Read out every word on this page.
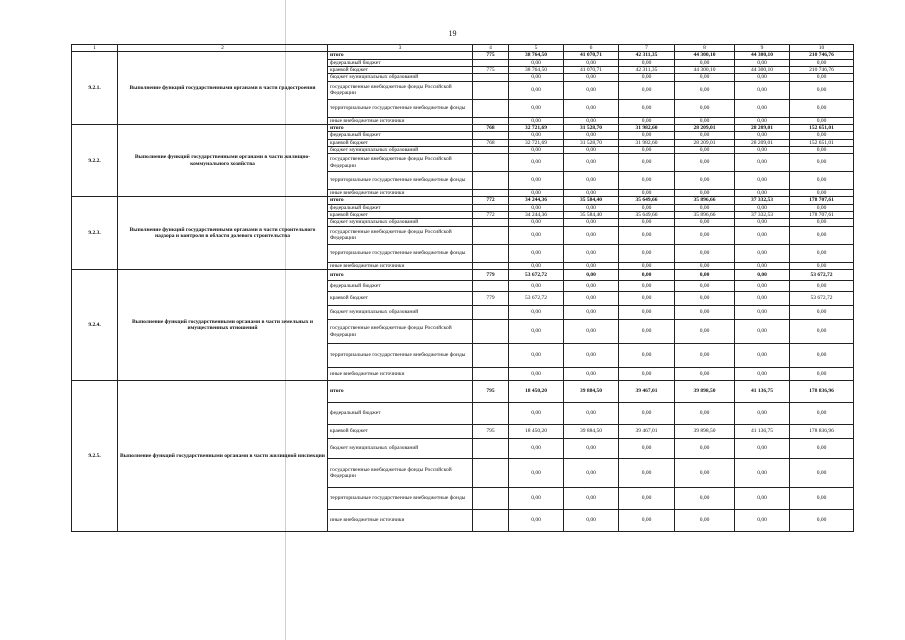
19
1	2	3	4	5	6	7	8	9	10
9.2.1.	Выполнение функций государственными органами в части градостроения	итого	775	38 764,50	41 070,71	42 311,35	44 300,10	44 300,10	210 746,76
		федеральный бюджет		0,00	0,00	0,00	0,00	0,00	0,00
		краевой бюджет	775	38 764,50	41 070,71	42 311,35	44 300,10	44 300,10	210 746,76
		бюджет муниципальных образований		0,00	0,00	0,00	0,00	0,00	0,00
		государственные внебюджетные фонды Российской Федерации		0,00	0,00	0,00	0,00	0,00	0,00
		территориальные государственные внебюджетные фонды		0,00	0,00	0,00	0,00	0,00	0,00
		иные внебюджетные источники		0,00	0,00	0,00	0,00	0,00	0,00
9.2.2.	Выполнение функций государственными органами в части жилищно-коммунального хозяйства	итого	768	32 721,69	31 528,70	31 982,60	28 209,01	28 209,01	152 651,01
		федеральный бюджет		0,00	0,00	0,00	0,00	0,00	0,00
		краевой бюджет	768	32 721,69	31 528,70	31 982,60	28 209,01	28 209,01	152 651,01
		бюджет муниципальных образований		0,00	0,00	0,00	0,00	0,00	0,00
		государственные внебюджетные фонды Российской Федерации		0,00	0,00	0,00	0,00	0,00	0,00
		территориальные государственные внебюджетные фонды		0,00	0,00	0,00	0,00	0,00	0,00
		иные внебюджетные источники		0,00	0,00	0,00	0,00	0,00	0,00
9.2.3.	Выполнение функций государственными органами в части строительного надзора и контроля в области долевого строительства	итого	772	34 244,36	35 584,40	35 649,66	35 896,66	37 332,53	178 707,61
		федеральный бюджет		0,00	0,00	0,00	0,00	0,00	0,00
		краевой бюджет	772	34 244,36	35 584,40	35 649,66	35 896,66	37 332,53	178 707,61
		бюджет муниципальных образований		0,00	0,00	0,00	0,00	0,00	0,00
		государственные внебюджетные фонды Российской Федерации		0,00	0,00	0,00	0,00	0,00	0,00
		территориальные государственные внебюджетные фонды		0,00	0,00	0,00	0,00	0,00	0,00
		иные внебюджетные источники		0,00	0,00	0,00	0,00	0,00	0,00
9.2.4.	Выполнение функций государственными органами в части земельных и имущественных отношений	итого	779	53 672,72	0,00	0,00	0,00	0,00	53 672,72
		федеральный бюджет		0,00	0,00	0,00	0,00	0,00	0,00
		краевой бюджет	779	53 672,72	0,00	0,00	0,00	0,00	53 672,72
		бюджет муниципальных образований		0,00	0,00	0,00	0,00	0,00	0,00
		государственные внебюджетные фонды Российской Федерации		0,00	0,00	0,00	0,00	0,00	0,00
		территориальные государственные внебюджетные фонды		0,00	0,00	0,00	0,00	0,00	0,00
		иные внебюджетные источники		0,00	0,00	0,00	0,00	0,00	0,00
9.2.5.	Выполнение функций государственными органами в части жилищной инспекции	итого	795	18 450,20	39 884,50	39 467,01	39 898,50	41 136,75	178 836,96
		федеральный бюджет		0,00	0,00	0,00	0,00	0,00	0,00
		краевой бюджет	795	18 450,20	39 884,50	39 467,01	39 898,50	41 136,75	178 836,96
		бюджет муниципальных образований		0,00	0,00	0,00	0,00	0,00	0,00
		государственные внебюджетные фонды Российской Федерации		0,00	0,00	0,00	0,00	0,00	0,00
		территориальные государственные внебюджетные фонды		0,00	0,00	0,00	0,00	0,00	0,00
		иные внебюджетные источники		0,00	0,00	0,00	0,00	0,00	0,00
